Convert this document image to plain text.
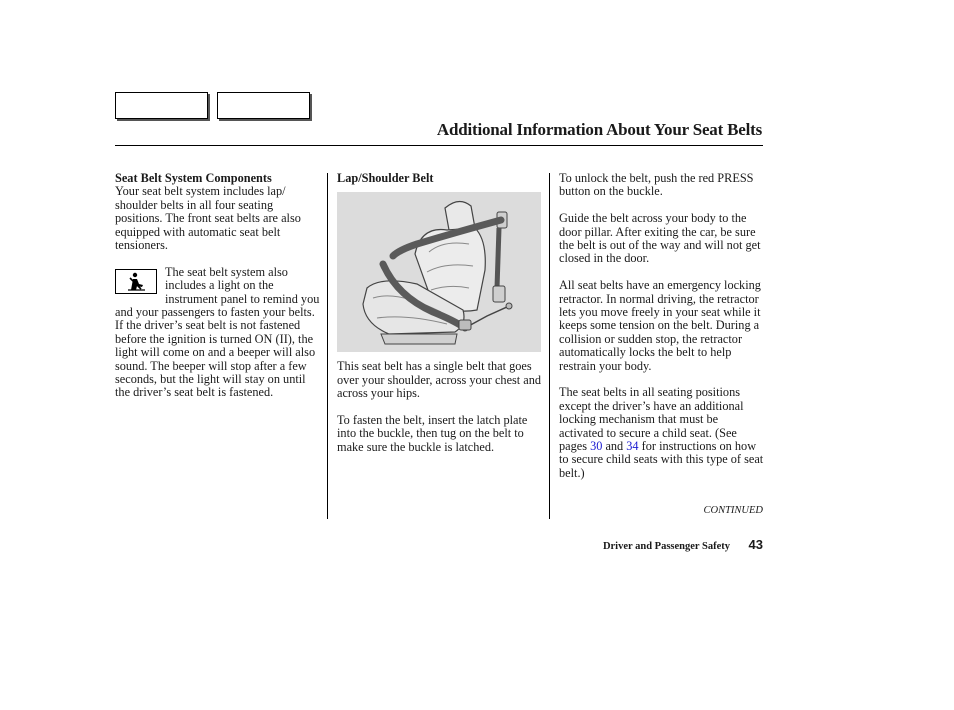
Additional Information About Your Seat Belts
Seat Belt System Components

Your seat belt system includes lap/ shoulder belts in all four seating positions. The front seat belts are also equipped with automatic seat belt tensioners.

The seat belt system also includes a light on the instrument panel to remind you and your passengers to fasten your belts. If the driver’s seat belt is not fastened before the ignition is turned ON (II), the light will come on and a beeper will also sound. The beeper will stop after a few seconds, but the light will stay on until the driver’s seat belt is fastened.
Lap/Shoulder Belt

This seat belt has a single belt that goes over your shoulder, across your chest and across your hips.

To fasten the belt, insert the latch plate into the buckle, then tug on the belt to make sure the buckle is latched.

To unlock the belt, push the red PRESS button on the buckle.

Guide the belt across your body to the door pillar. After exiting the car, be sure the belt is out of the way and will not get closed in the door.

All seat belts have an emergency locking retractor. In normal driving, the retractor lets you move freely in your seat while it keeps some tension on the belt. During a collision or sudden stop, the retractor automatically locks the belt to help restrain your body.

The seat belts in all seating positions except the driver’s have an additional locking mechanism that must be activated to secure a child seat. (See pages 30 and 34 for instructions on how to secure child seats with this type of seat belt.)

CONTINUED
Driver and Passenger Safety	43
